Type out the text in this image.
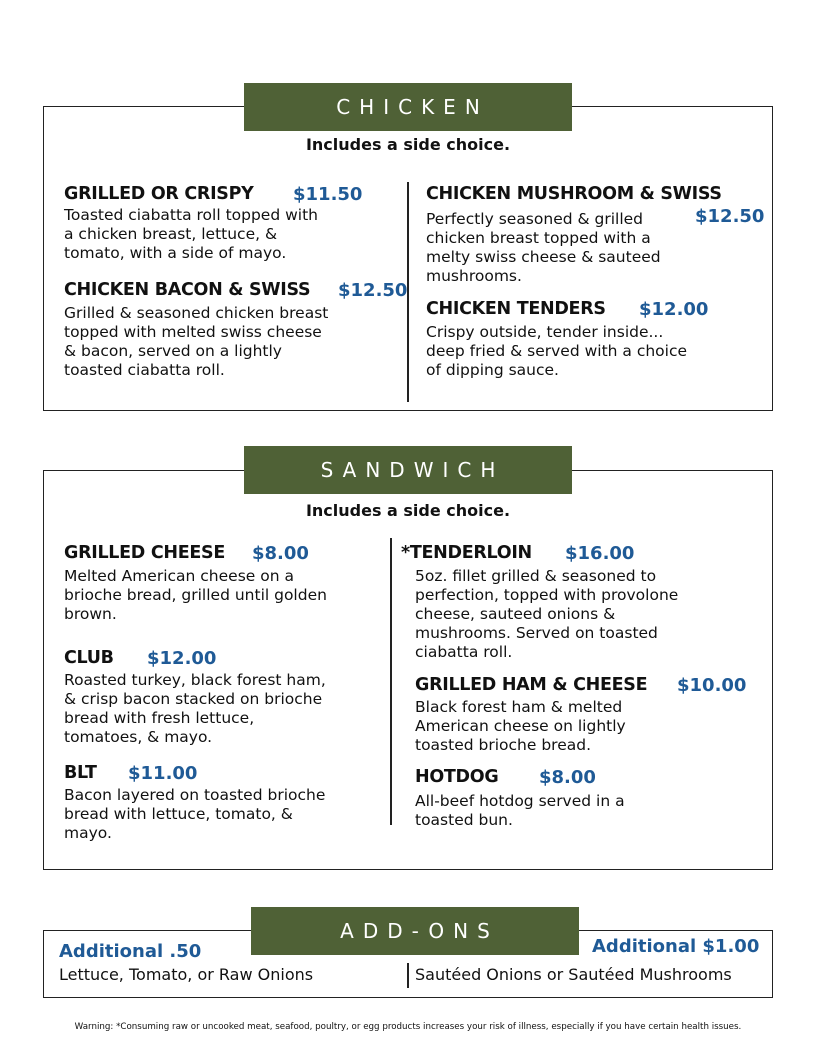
CHICKEN
Includes a side choice.
GRILLED OR CRISPY $11.50
Toasted ciabatta roll topped with
a chicken breast, lettuce, &
tomato, with a side of mayo.
CHICKEN BACON & SWISS $12.50
Grilled & seasoned chicken breast
topped with melted swiss cheese
& bacon, served on a lightly
toasted ciabatta roll.
CHICKEN MUSHROOM & SWISS
$12.50
Perfectly seasoned & grilled
chicken breast topped with a
melty swiss cheese & sauteed
mushrooms.
CHICKEN TENDERS $12.00
Crispy outside, tender inside...
deep fried & served with a choice
of dipping sauce.
SANDWICH
Includes a side choice.
GRILLED CHEESE $8.00
Melted American cheese on a
brioche bread, grilled until golden
brown.
CLUB $12.00
Roasted turkey, black forest ham,
& crisp bacon stacked on brioche
bread with fresh lettuce,
tomatoes, & mayo.
BLT $11.00
Bacon layered on toasted brioche
bread with lettuce, tomato, &
mayo.
*TENDERLOIN $16.00
5oz. fillet grilled & seasoned to
perfection, topped with provolone
cheese, sauteed onions &
mushrooms. Served on toasted
ciabatta roll.
GRILLED HAM & CHEESE $10.00
Black forest ham & melted
American cheese on lightly
toasted brioche bread.
HOTDOG $8.00
All-beef hotdog served in a
toasted bun.
ADD-ONS
Additional .50
Lettuce, Tomato, or Raw Onions
Additional $1.00
Sautéed Onions or Sautéed Mushrooms
Warning: *Consuming raw or uncooked meat, seafood, poultry, or egg products increases your risk of illness, especially if you have certain health issues.
